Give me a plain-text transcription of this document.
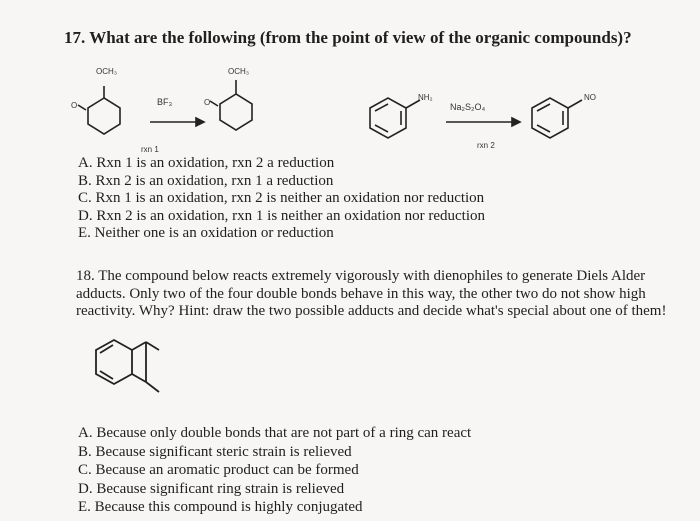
17. What are the following (from the point of view of the organic compounds)?
OCH₃
O	BF₃
rxn 1
OCH₃
O
NH₂
Na₂S₂O₄
rxn 2
NO
A. Rxn 1 is an oxidation, rxn 2 a reduction
B. Rxn 2 is an oxidation, rxn 1 a reduction
C. Rxn 1 is an oxidation, rxn 2 is neither an oxidation nor reduction
D. Rxn 2 is an oxidation, rxn 1 is neither an oxidation nor reduction
E. Neither one is an oxidation or reduction
18. The compound below reacts extremely vigorously with dienophiles to generate Diels Alder adducts. Only two of the four double bonds behave in this way, the other two do not show high reactivity. Why? Hint: draw the two possible adducts and decide what's special about one of them!
A. Because only double bonds that are not part of a ring can react
B. Because significant steric strain is relieved
C. Because an aromatic product can be formed
D. Because significant ring strain is relieved
E. Because this compound is highly conjugated
